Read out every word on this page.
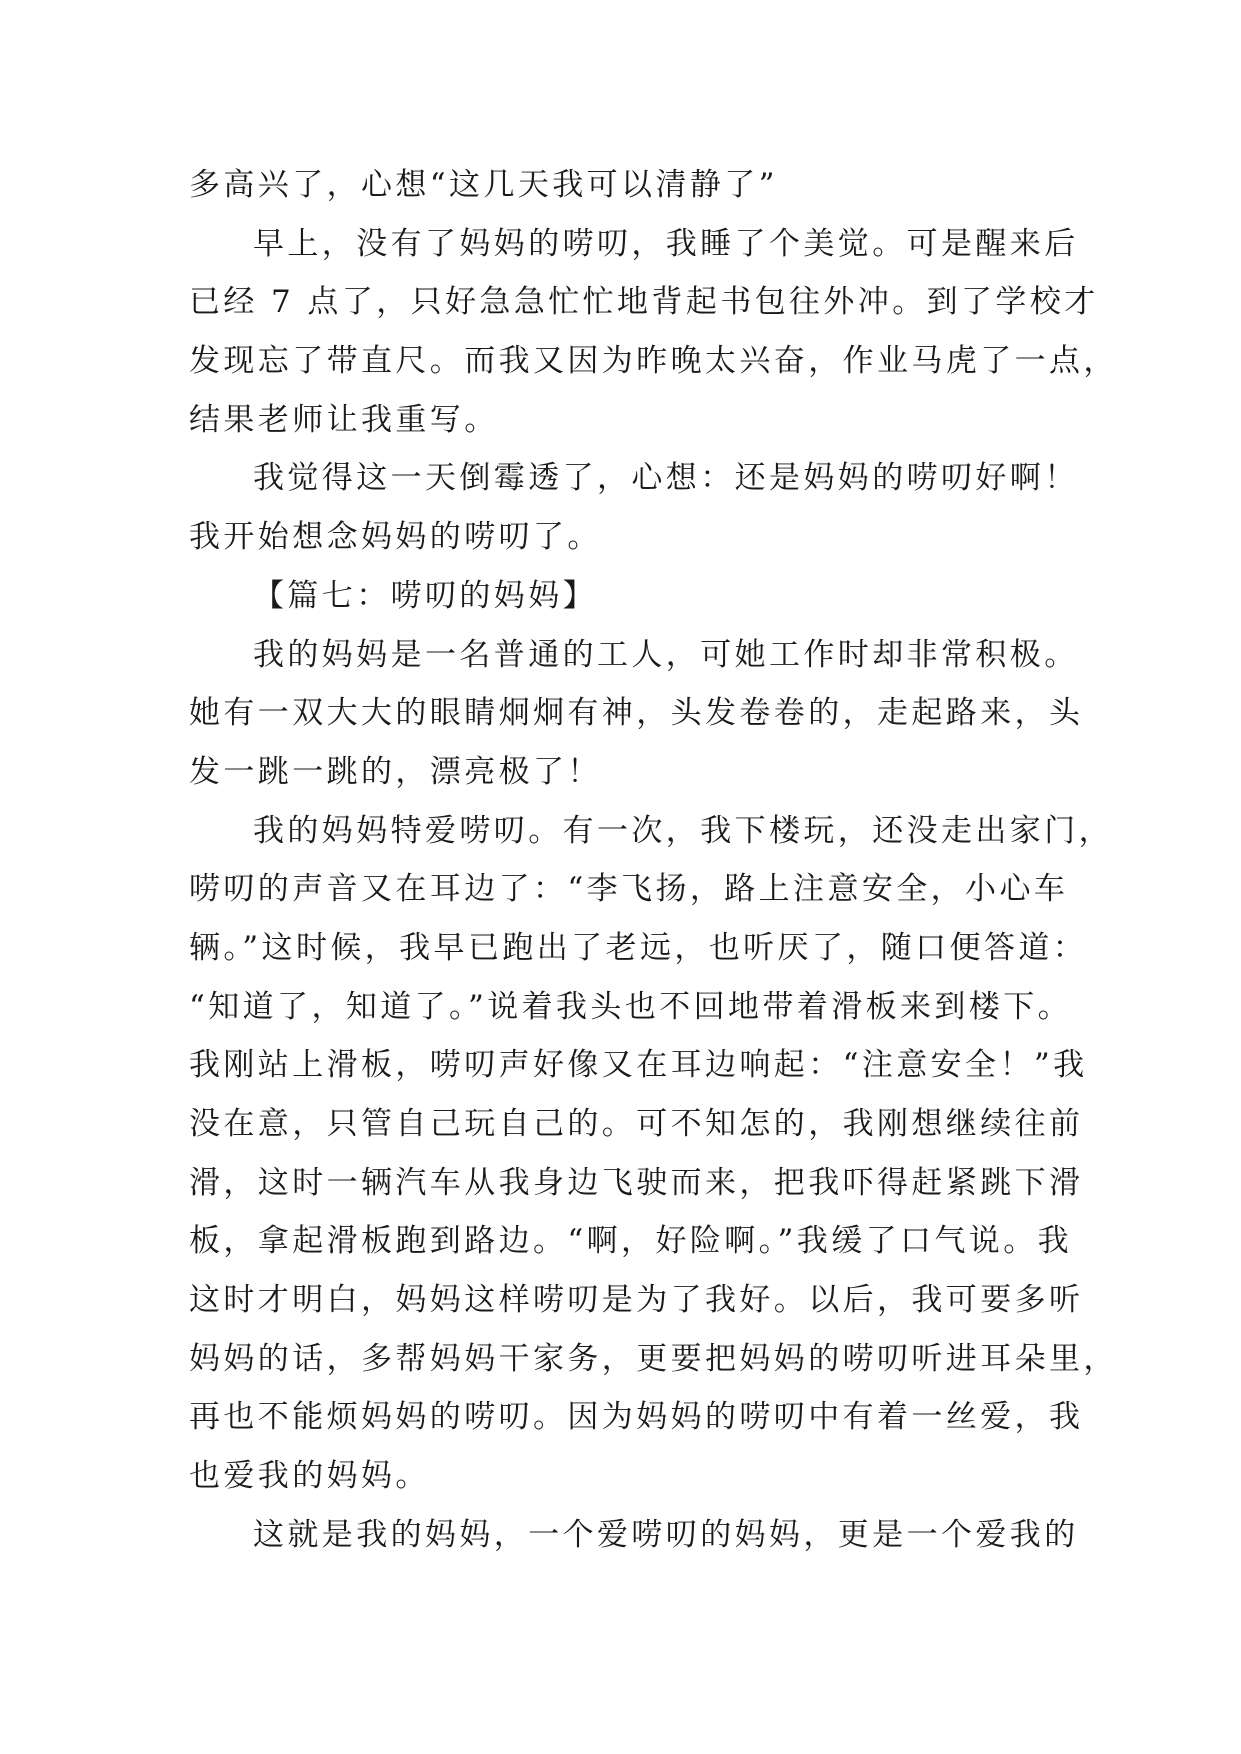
多高兴了，心想“这几天我可以清静了”
早上，没有了妈妈的唠叨，我睡了个美觉。可是醒来后
已经 7 点了，只好急急忙忙地背起书包往外冲。到了学校才
发现忘了带直尺。而我又因为昨晚太兴奋，作业马虎了一点，
结果老师让我重写。
我觉得这一天倒霉透了，心想：还是妈妈的唠叨好啊！
我开始想念妈妈的唠叨了。
【篇七：唠叨的妈妈】
我的妈妈是一名普通的工人，可她工作时却非常积极。
她有一双大大的眼睛炯炯有神，头发卷卷的，走起路来，头
发一跳一跳的，漂亮极了！
我的妈妈特爱唠叨。有一次，我下楼玩，还没走出家门，
唠叨的声音又在耳边了：“李飞扬，路上注意安全，小心车
辆。”这时候，我早已跑出了老远，也听厌了，随口便答道：
“知道了，知道了。”说着我头也不回地带着滑板来到楼下。
我刚站上滑板，唠叨声好像又在耳边响起：“注意安全！”我
没在意，只管自己玩自己的。可不知怎的，我刚想继续往前
滑，这时一辆汽车从我身边飞驶而来，把我吓得赶紧跳下滑
板，拿起滑板跑到路边。“啊，好险啊。”我缓了口气说。我
这时才明白，妈妈这样唠叨是为了我好。以后，我可要多听
妈妈的话，多帮妈妈干家务，更要把妈妈的唠叨听进耳朵里，
再也不能烦妈妈的唠叨。因为妈妈的唠叨中有着一丝爱，我
也爱我的妈妈。
这就是我的妈妈，一个爱唠叨的妈妈，更是一个爱我的
